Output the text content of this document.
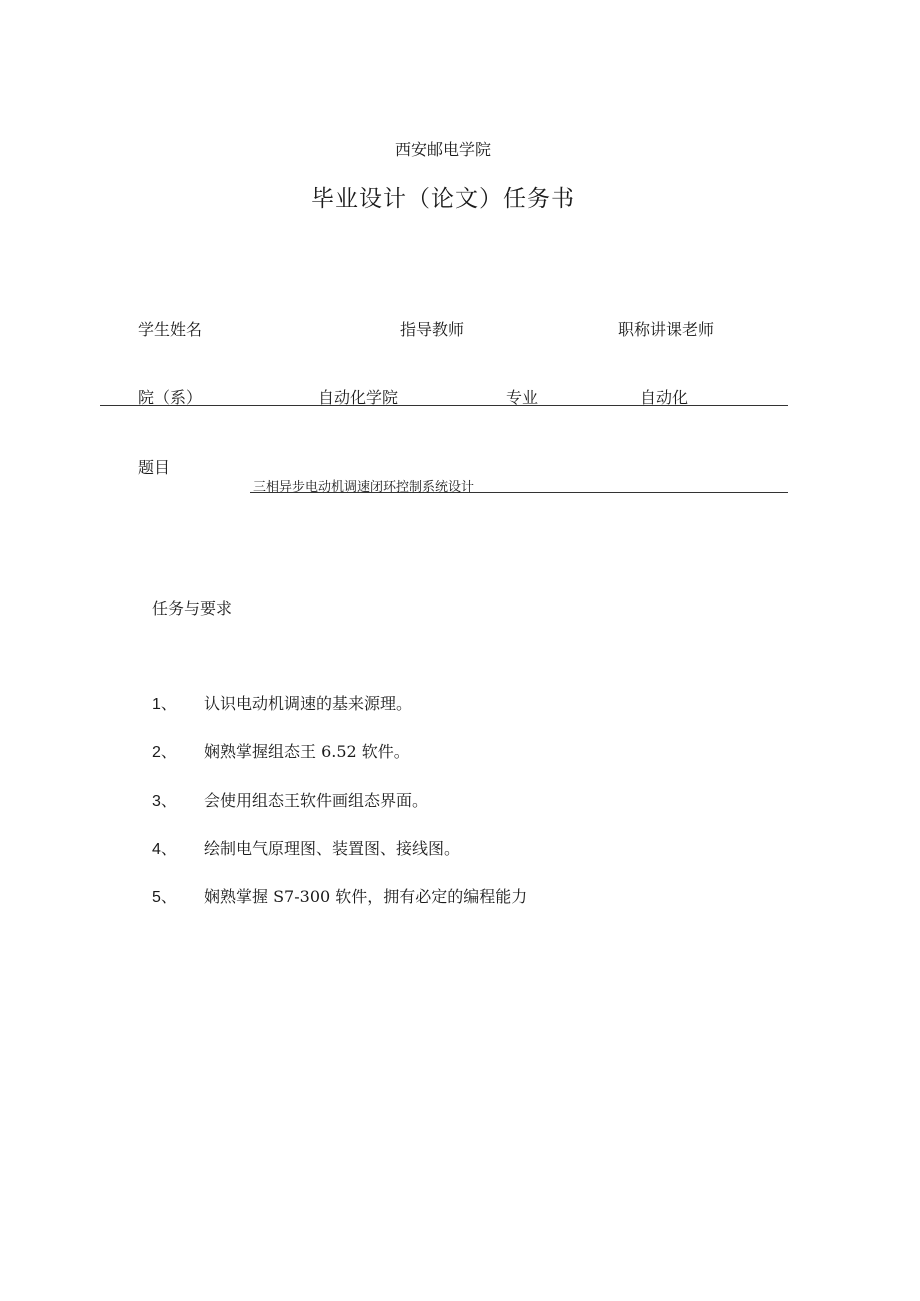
西安邮电学院
毕业设计（论文）任务书
学生姓名	指导教师	职称讲课老师
院（系）	自动化学院	专业	自动化
题目
三相异步电动机调速闭环控制系统设计
任务与要求
1、 认识电动机调速的基来源理。
2、 娴熟掌握组态王 6.52 软件。
3、 会使用组态王软件画组态界面。
4、 绘制电气原理图、装置图、接线图。
5、 娴熟掌握 S7-300 软件，拥有必定的编程能力
